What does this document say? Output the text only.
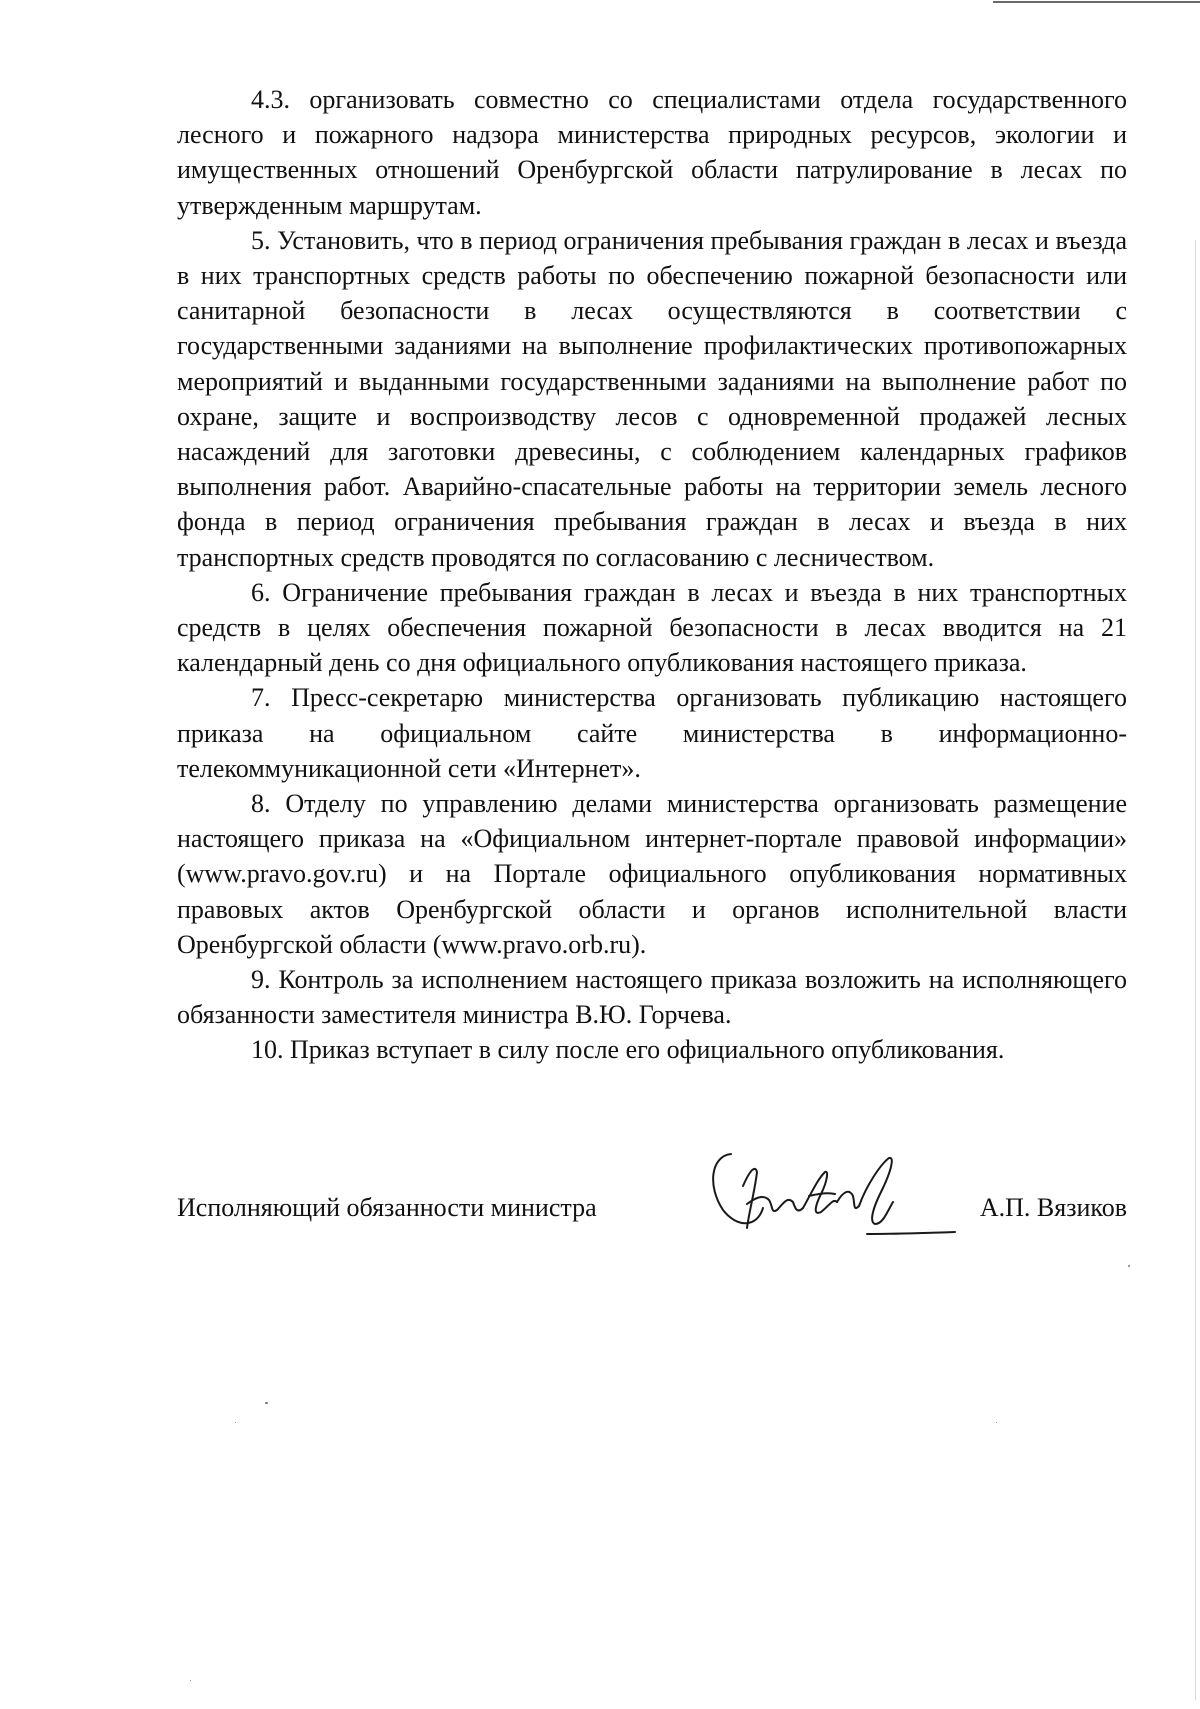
4.3. организовать совместно со специалистами отдела государственного лесного и пожарного надзора министерства природных ресурсов, экологии и имущественных отношений Оренбургской области патрулирование в лесах по утвержденным маршрутам.

5. Установить, что в период ограничения пребывания граждан в лесах и въезда в них транспортных средств работы по обеспечению пожарной безопасности или санитарной безопасности в лесах осуществляются в соответствии с государственными заданиями на выполнение профилактических противопожарных мероприятий и выданными государственными заданиями на выполнение работ по охране, защите и воспроизводству лесов с одновременной продажей лесных насаждений для заготовки древесины, с соблюдением календарных графиков выполнения работ. Аварийно-спасательные работы на территории земель лесного фонда в период ограничения пребывания граждан в лесах и въезда в них транспортных средств проводятся по согласованию с лесничеством.

6. Ограничение пребывания граждан в лесах и въезда в них транспортных средств в целях обеспечения пожарной безопасности в лесах вводится на 21 календарный день со дня официального опубликования настоящего приказа.

7. Пресс-секретарю министерства организовать публикацию настоящего приказа на официальном сайте министерства в информационно-телекоммуникационной сети «Интернет».

8. Отделу по управлению делами министерства организовать размещение настоящего приказа на «Официальном интернет-портале правовой информации» (www.pravo.gov.ru) и на Портале официального опубликования нормативных правовых актов Оренбургской области и органов исполнительной власти Оренбургской области (www.pravo.orb.ru).

9. Контроль за исполнением настоящего приказа возложить на исполняющего обязанности заместителя министра В.Ю. Горчева.

10. Приказ вступает в силу после его официального опубликования.

Исполняющий обязанности министра	А.П. Вязиков
